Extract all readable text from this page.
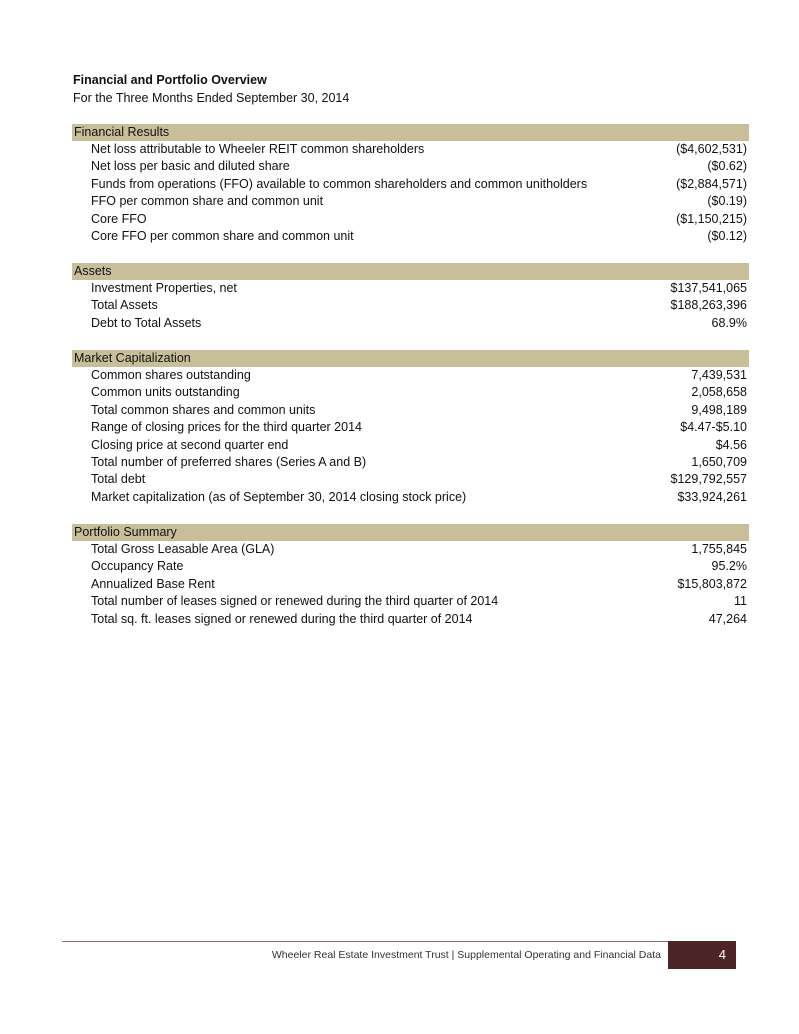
Financial and Portfolio Overview
For the Three Months Ended September 30, 2014
Financial Results
Net loss attributable to Wheeler REIT common shareholders	($4,602,531)
Net loss per basic and diluted share	($0.62)
Funds from operations (FFO) available to common shareholders and common unitholders	($2,884,571)
FFO per common share and common unit	($0.19)
Core FFO	($1,150,215)
Core FFO per common share and common unit	($0.12)
Assets
Investment Properties, net	$137,541,065
Total Assets	$188,263,396
Debt to Total Assets	68.9%
Market Capitalization
Common shares outstanding	7,439,531
Common units outstanding	2,058,658
Total common shares and common units	9,498,189
Range of closing prices for the third quarter 2014	$4.47-$5.10
Closing price at second quarter end	$4.56
Total number of preferred shares (Series A and B)	1,650,709
Total debt	$129,792,557
Market capitalization (as of September 30, 2014 closing stock price)	$33,924,261
Portfolio Summary
Total Gross Leasable Area (GLA)	1,755,845
Occupancy Rate	95.2%
Annualized Base Rent	$15,803,872
Total number of leases signed or renewed during the third quarter of 2014	11
Total sq. ft. leases signed or renewed during the third quarter of 2014	47,264
Wheeler Real Estate Investment Trust | Supplemental Operating and Financial Data	4
